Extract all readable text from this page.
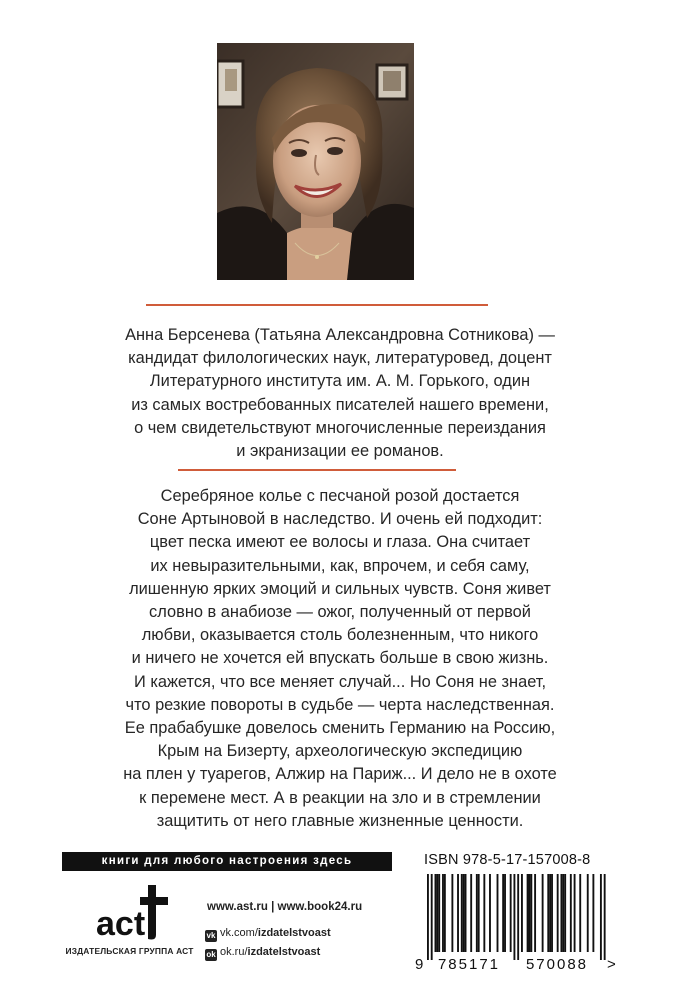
Анна Берсенева (Татьяна Александровна Сотникова) —
кандидат филологических наук, литературовед, доцент
Литературного института им. А. М. Горького, один
из самых востребованных писателей нашего времени,
о чем свидетельствуют многочисленные переиздания
и экранизации ее романов.

Серебряное колье с песчаной розой достается
Соне Артыновой в наследство. И очень ей подходит:
цвет песка имеют ее волосы и глаза. Она считает
их невыразительными, как, впрочем, и себя саму,
лишенную ярких эмоций и сильных чувств. Соня живет
словно в анабиозе — ожог, полученный от первой
любви, оказывается столь болезненным, что никого
и ничего не хочется ей впускать больше в свою жизнь.
И кажется, что все меняет случай... Но Соня не знает,
что резкие повороты в судьбе — черта наследственная.
Ее прабабушке довелось сменить Германию на Россию,
Крым на Бизерту, археологическую экспедицию
на плен у туарегов, Алжир на Париж... И дело не в охоте
к перемене мест. А в реакции на зло и в стремлении
защитить от него главные жизненные ценности.

книги для любого настроения здесь
act
ИЗДАТЕЛЬСКАЯ ГРУППА АСТ
www.ast.ru | www.book24.ru
vk vk.com/izdatelstvoast
ok ok.ru/izdatelstvoast
ISBN 978-5-17-157008-8
9 785171 570088 >
